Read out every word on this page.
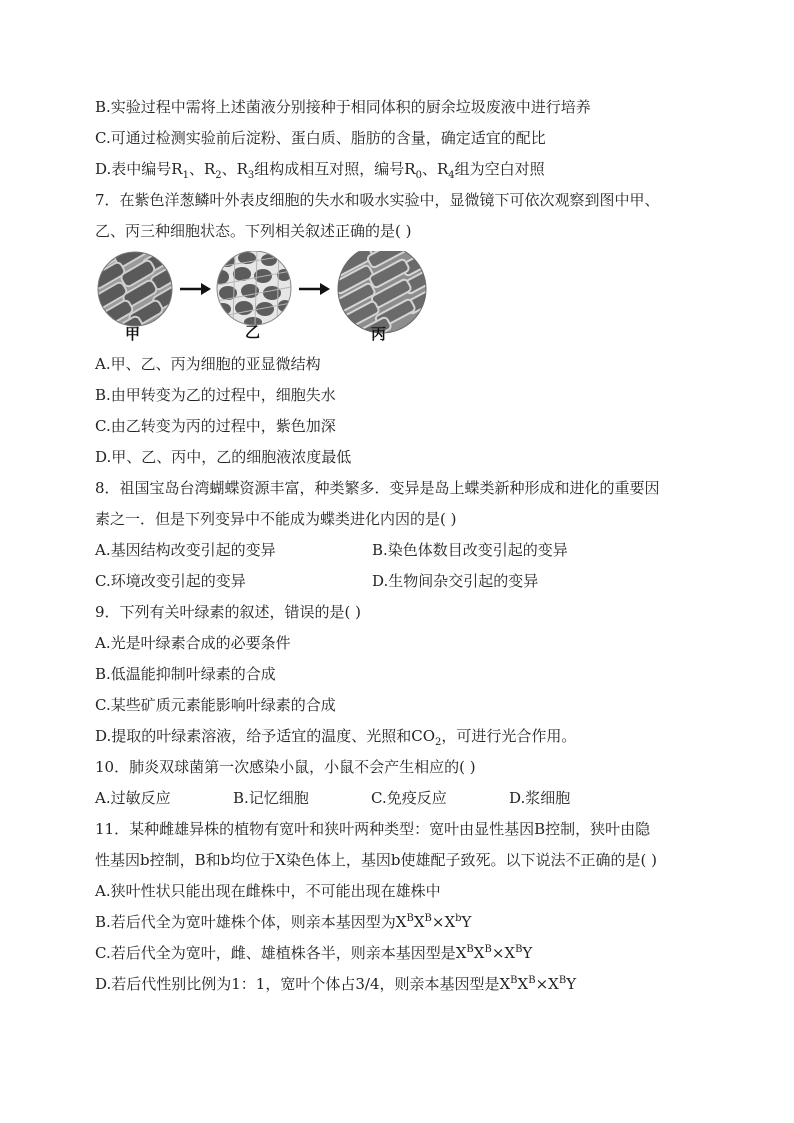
B.实验过程中需将上述菌液分别接种于相同体积的厨余垃圾废液中进行培养
C.可通过检测实验前后淀粉、蛋白质、脂肪的含量，确定适宜的配比
D.表中编号$R_1$、$R_2$、$R_3$组构成相互对照，编号$R_0$、$R_4$组为空白对照
7．在紫色洋葱鳞叶外表皮细胞的失水和吸水实验中，显微镜下可依次观察到图中甲、
乙、丙三种细胞状态。下列相关叙述正确的是( )
甲	乙	丙
A.甲、乙、丙为细胞的亚显微结构
B.由甲转变为乙的过程中，细胞失水
C.由乙转变为丙的过程中，紫色加深
D.甲、乙、丙中，乙的细胞液浓度最低
8．祖国宝岛台湾蝴蝶资源丰富，种类繁多．变异是岛上蝶类新种形成和进化的重要因
素之一．但是下列变异中不能成为蝶类进化内因的是( )
A.基因结构改变引起的变异	B.染色体数目改变引起的变异
C.环境改变引起的变异	D.生物间杂交引起的变异
9．下列有关叶绿素的叙述，错误的是( )
A.光是叶绿素合成的必要条件
B.低温能抑制叶绿素的合成
C.某些矿质元素能影响叶绿素的合成
D.提取的叶绿素溶液，给予适宜的温度、光照和$CO_2$，可进行光合作用。
10．肺炎双球菌第一次感染小鼠，小鼠不会产生相应的( )
A.过敏反应	B.记忆细胞	C.免疫反应	D.浆细胞
11．某种雌雄异株的植物有宽叶和狭叶两种类型：宽叶由显性基因B控制，狭叶由隐
性基因b控制，B和b均位于X染色体上，基因b使雄配子致死。以下说法不正确的是( )
A.狭叶性状只能出现在雌株中，不可能出现在雄株中
B.若后代全为宽叶雄株个体，则亲本基因型为$X^BX^B\times X^bY$
C.若后代全为宽叶，雌、雄植株各半，则亲本基因型是$X^BX^B\times X^BY$
D.若后代性别比例为1：1，宽叶个体占3/4，则亲本基因型是$X^BX^B\times X^BY$
